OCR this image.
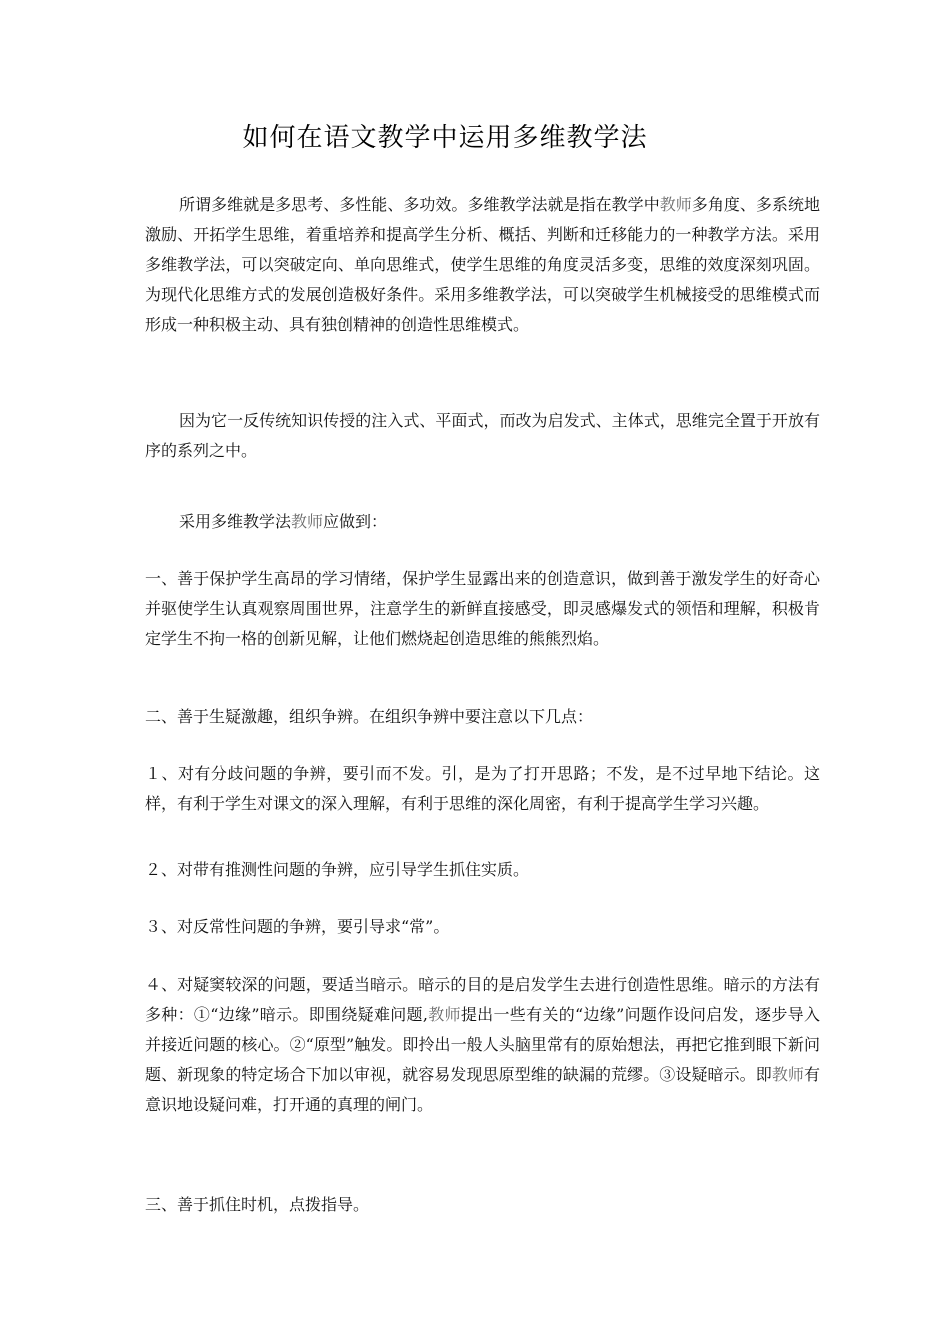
如何在语文教学中运用多维教学法

所谓多维就是多思考、多性能、多功效。多维教学法就是指在教学中教师多角度、多系统地激励、开拓学生思维，着重培养和提高学生分析、概括、判断和迁移能力的一种教学方法。采用多维教学法，可以突破定向、单向思维式，使学生思维的角度灵活多变，思维的效度深刻巩固。为现代化思维方式的发展创造极好条件。采用多维教学法，可以突破学生机械接受的思维模式而形成一种积极主动、具有独创精神的创造性思维模式。

因为它一反传统知识传授的注入式、平面式，而改为启发式、主体式，思维完全置于开放有序的系列之中。

采用多维教学法教师应做到：

一、善于保护学生高昂的学习情绪，保护学生显露出来的创造意识，做到善于激发学生的好奇心并驱使学生认真观察周围世界，注意学生的新鲜直接感受，即灵感爆发式的领悟和理解，积极肯定学生不拘一格的创新见解，让他们燃烧起创造思维的熊熊烈焰。

二、善于生疑激趣，组织争辨。在组织争辨中要注意以下几点：

１、对有分歧问题的争辨，要引而不发。引，是为了打开思路；不发，是不过早地下结论。这样，有利于学生对课文的深入理解，有利于思维的深化周密，有利于提高学生学习兴趣。

２、对带有推测性问题的争辨，应引导学生抓住实质。

３、对反常性问题的争辨，要引导求“常”。

４、对疑窦较深的问题，要适当暗示。暗示的目的是启发学生去进行创造性思维。暗示的方法有多种：①“边缘”暗示。即围绕疑难问题,教师提出一些有关的“边缘”问题作设问启发，逐步导入并接近问题的核心。②“原型”触发。即拎出一般人头脑里常有的原始想法，再把它推到眼下新问题、新现象的特定场合下加以审视，就容易发现思原型维的缺漏的荒缪。③设疑暗示。即教师有意识地设疑问难，打开通的真理的闸门。

三、善于抓住时机，点拨指导。
